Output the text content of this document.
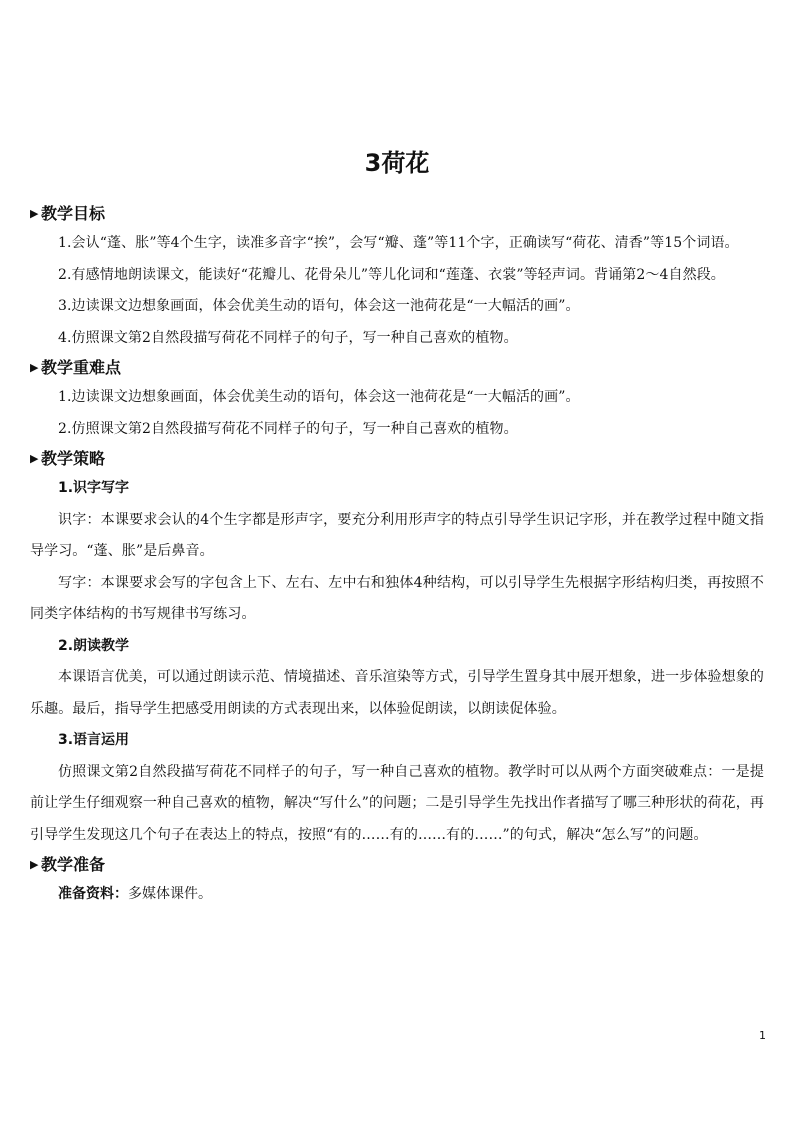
3荷花
▶ 教学目标

1.会认“蓬、胀”等4个生字，读准多音字“挨”，会写“瓣、蓬”等11个字，正确读写“荷花、清香”等15个词语。

2.有感情地朗读课文，能读好“花瓣儿、花骨朵儿”等儿化词和“莲蓬、衣裳”等轻声词。背诵第2～4自然段。

3.边读课文边想象画面，体会优美生动的语句，体会这一池荷花是“一大幅活的画”。

4.仿照课文第2自然段描写荷花不同样子的句子，写一种自己喜欢的植物。

▶ 教学重难点

1.边读课文边想象画面，体会优美生动的语句，体会这一池荷花是“一大幅活的画”。

2.仿照课文第2自然段描写荷花不同样子的句子，写一种自己喜欢的植物。

▶ 教学策略

1.识字写字

识字：本课要求会认的4个生字都是形声字，要充分利用形声字的特点引导学生识记字形，并在教学过程中随文指导学习。“蓬、胀”是后鼻音。

写字：本课要求会写的字包含上下、左右、左中右和独体4种结构，可以引导学生先根据字形结构归类，再按照不同类字体结构的书写规律书写练习。

2.朗读教学

本课语言优美，可以通过朗读示范、情境描述、音乐渲染等方式，引导学生置身其中展开想象，进一步体验想象的乐趣。最后，指导学生把感受用朗读的方式表现出来，以体验促朗读，以朗读促体验。

3.语言运用

仿照课文第2自然段描写荷花不同样子的句子，写一种自己喜欢的植物。教学时可以从两个方面突破难点：一是提前让学生仔细观察一种自己喜欢的植物，解决“写什么”的问题；二是引导学生先找出作者描写了哪三种形状的荷花，再引导学生发现这几个句子在表达上的特点，按照“有的……有的……有的……”的句式，解决“怎么写”的问题。

▶ 教学准备

准备资料：多媒体课件。

1
